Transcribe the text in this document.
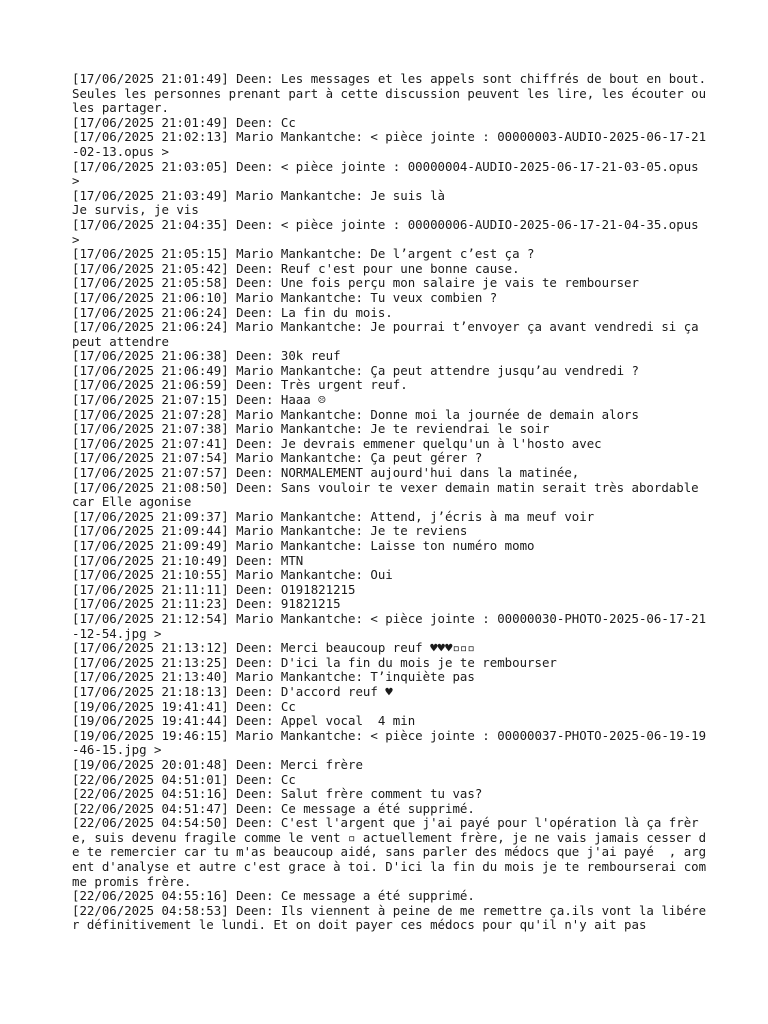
[17/06/2025 21:01:49] Deen: Les messages et les appels sont chiffrés de bout en bout. Seules les personnes prenant part à cette discussion peuvent les lire, les écouter ou les partager.
[17/06/2025 21:01:49] Deen: Cc
[17/06/2025 21:02:13] Mario Mankantche: < pièce jointe : 00000003-AUDIO-2025-06-17-21-02-13.opus >
[17/06/2025 21:03:05] Deen: < pièce jointe : 00000004-AUDIO-2025-06-17-21-03-05.opus >
[17/06/2025 21:03:49] Mario Mankantche: Je suis là
Je survis, je vis
[17/06/2025 21:04:35] Deen: < pièce jointe : 00000006-AUDIO-2025-06-17-21-04-35.opus >
[17/06/2025 21:05:15] Mario Mankantche: De l’argent c’est ça ?
[17/06/2025 21:05:42] Deen: Reuf c'est pour une bonne cause.
[17/06/2025 21:05:58] Deen: Une fois perçu mon salaire je vais te rembourser
[17/06/2025 21:06:10] Mario Mankantche: Tu veux combien ?
[17/06/2025 21:06:24] Deen: La fin du mois.
[17/06/2025 21:06:24] Mario Mankantche: Je pourrai t’envoyer ça avant vendredi si ça peut attendre
[17/06/2025 21:06:38] Deen: 30k reuf
[17/06/2025 21:06:49] Mario Mankantche: Ça peut attendre jusqu’au vendredi ?
[17/06/2025 21:06:59] Deen: Très urgent reuf.
[17/06/2025 21:07:15] Deen: Haaa ☹
[17/06/2025 21:07:28] Mario Mankantche: Donne moi la journée de demain alors
[17/06/2025 21:07:38] Mario Mankantche: Je te reviendrai le soir
[17/06/2025 21:07:41] Deen: Je devrais emmener quelqu'un à l'hosto avec
[17/06/2025 21:07:54] Mario Mankantche: Ça peut gérer ?
[17/06/2025 21:07:57] Deen: NORMALEMENT aujourd'hui dans la matinée,
[17/06/2025 21:08:50] Deen: Sans vouloir te vexer demain matin serait très abordable car Elle agonise
[17/06/2025 21:09:37] Mario Mankantche: Attend, j’écris à ma meuf voir
[17/06/2025 21:09:44] Mario Mankantche: Je te reviens
[17/06/2025 21:09:49] Mario Mankantche: Laisse ton numéro momo
[17/06/2025 21:10:49] Deen: MTN
[17/06/2025 21:10:55] Mario Mankantche: Oui
[17/06/2025 21:11:11] Deen: O191821215
[17/06/2025 21:11:23] Deen: 91821215
[17/06/2025 21:12:54] Mario Mankantche: < pièce jointe : 00000030-PHOTO-2025-06-17-21-12-54.jpg >
[17/06/2025 21:13:12] Deen: Merci beaucoup reuf ♥♥♥▫▫▫
[17/06/2025 21:13:25] Deen: D'ici la fin du mois je te rembourser
[17/06/2025 21:13:40] Mario Mankantche: T’inquiète pas
[17/06/2025 21:18:13] Deen: D'accord reuf ♥
[19/06/2025 19:41:41] Deen: Cc
[19/06/2025 19:41:44] Deen: Appel vocal  4 min
[19/06/2025 19:46:15] Mario Mankantche: < pièce jointe : 00000037-PHOTO-2025-06-19-19-46-15.jpg >
[19/06/2025 20:01:48] Deen: Merci frère
[22/06/2025 04:51:01] Deen: Cc
[22/06/2025 04:51:16] Deen: Salut frère comment tu vas?
[22/06/2025 04:51:47] Deen: Ce message a été supprimé.
[22/06/2025 04:54:50] Deen: C'est l'argent que j'ai payé pour l'opération là ça frère, suis devenu fragile comme le vent ▫ actuellement frère, je ne vais jamais cesser de te remercier car tu m'as beaucoup aidé, sans parler des médocs que j'ai payé  , argent d'analyse et autre c'est grace à toi. D'ici la fin du mois je te rembourserai comme promis frère.
[22/06/2025 04:55:16] Deen: Ce message a été supprimé.
[22/06/2025 04:58:53] Deen: Ils viennent à peine de me remettre ça.ils vont la libérer définitivement le lundi. Et on doit payer ces médocs pour qu'il n'y ait pas
